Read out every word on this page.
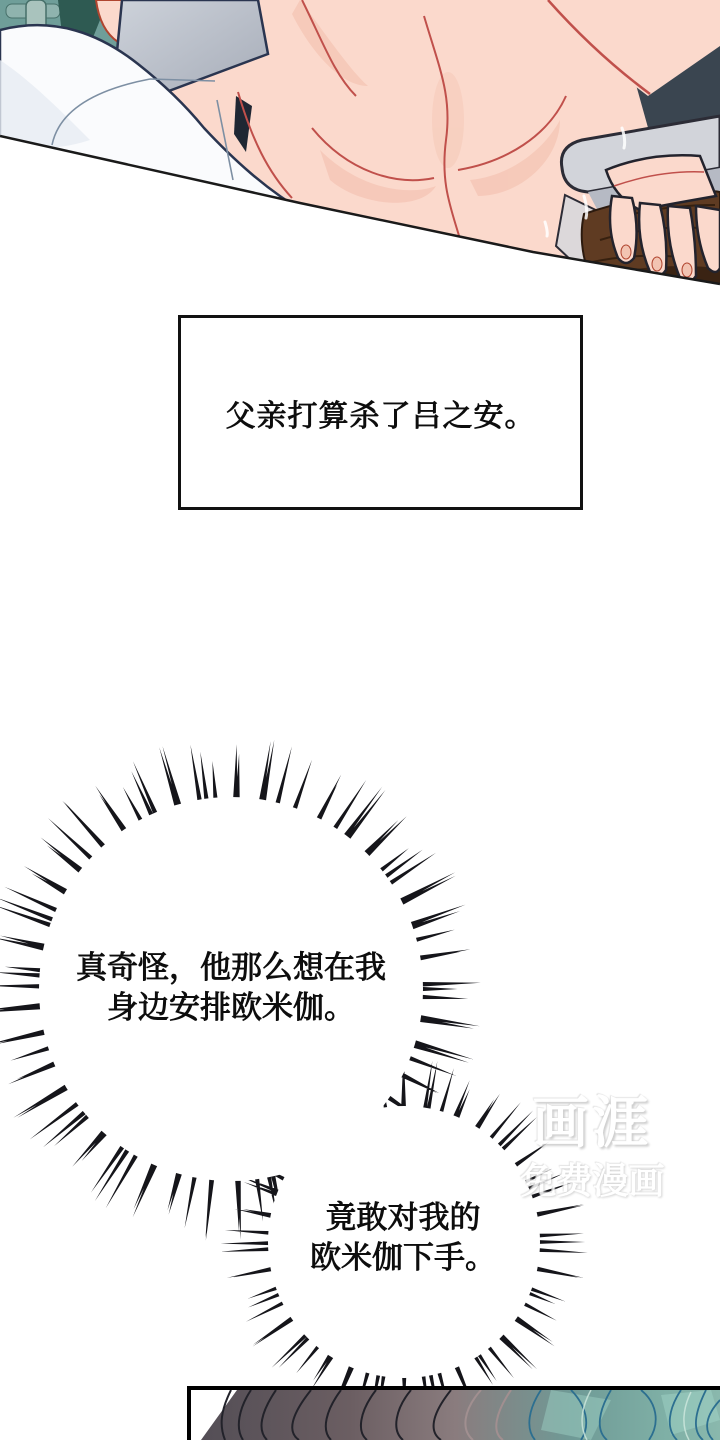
父亲打算杀了吕之安。
真奇怪，他那么想在我
身边安排欧米伽。
竟敢对我的
欧米伽下手。
画涯
免费漫画
